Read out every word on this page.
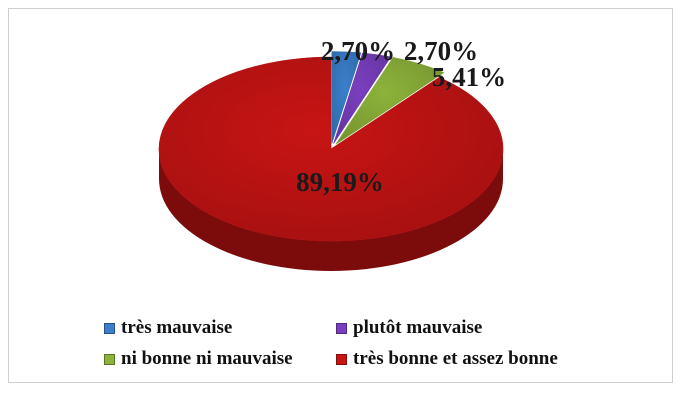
2,70% 2,70%
5,41%
89,19%
très mauvaise	plutôt mauvaise
ni bonne ni mauvaise	très bonne et assez bonne
